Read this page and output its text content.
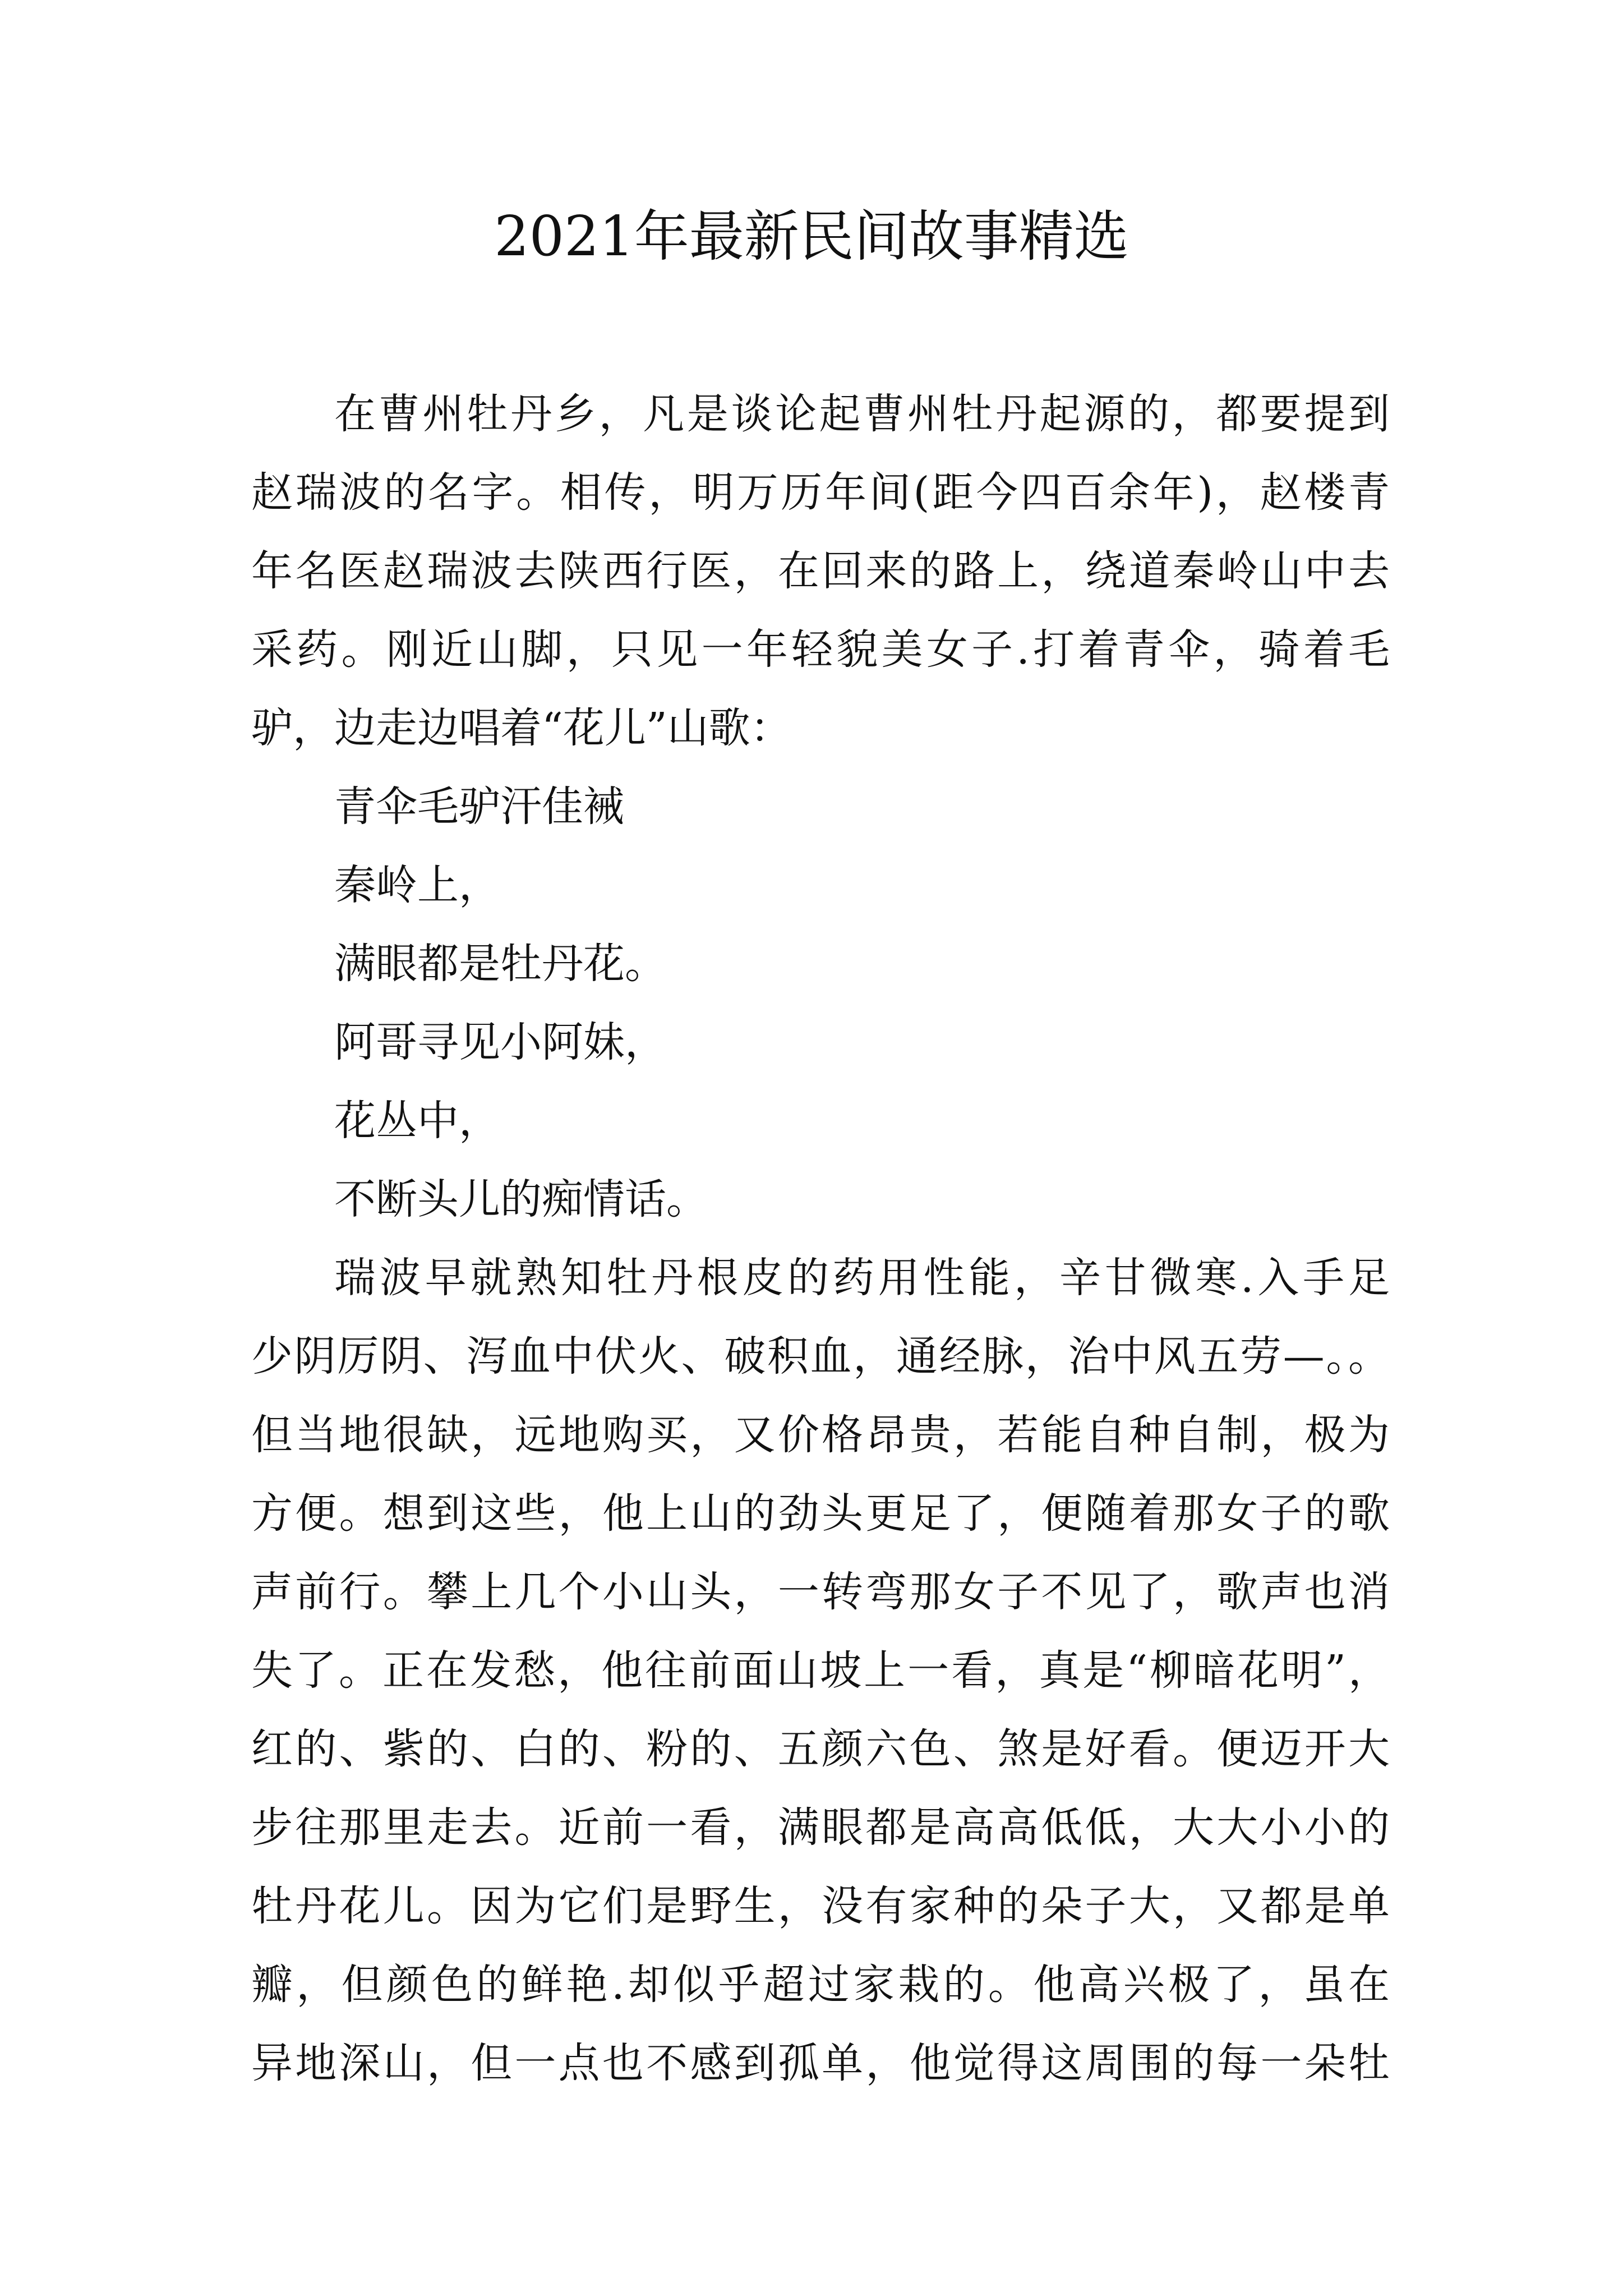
2021年最新民间故事精选
在曹州牡丹乡，凡是谈论起曹州牡丹起源的，都要提到
赵瑞波的名字。相传，明万历年间(距今四百余年)，赵楼青
年名医赵瑞波去陕西行医，在回来的路上，绕道秦岭山中去
采药。刚近山脚，只见一年轻貌美女子.打着青伞，骑着毛
驴，边走边唱着“花儿”山歌：
青伞毛驴汗佳裓
秦岭上，
满眼都是牡丹花。
阿哥寻见小阿妹，
花丛中，
不断头儿的痴情话。
瑞波早就熟知牡丹根皮的药用性能，辛甘微寒.入手足
少阴厉阴、泻血中伏火、破积血，通经脉，治中风五劳—。。
但当地很缺，远地购买，又价格昂贵，若能自种自制，极为
方便。想到这些，他上山的劲头更足了，便随着那女子的歌
声前行。攀上几个小山头，一转弯那女子不见了，歌声也消
失了。正在发愁，他往前面山坡上一看，真是“柳暗花明”，
红的、紫的、白的、粉的、五颜六色、煞是好看。便迈开大
步往那里走去。近前一看，满眼都是高高低低，大大小小的
牡丹花儿。因为它们是野生，没有家种的朵子大，又都是单
瓣，但颜色的鲜艳.却似乎超过家栽的。他高兴极了，虽在
异地深山，但一点也不感到孤单，他觉得这周围的每一朵牡
